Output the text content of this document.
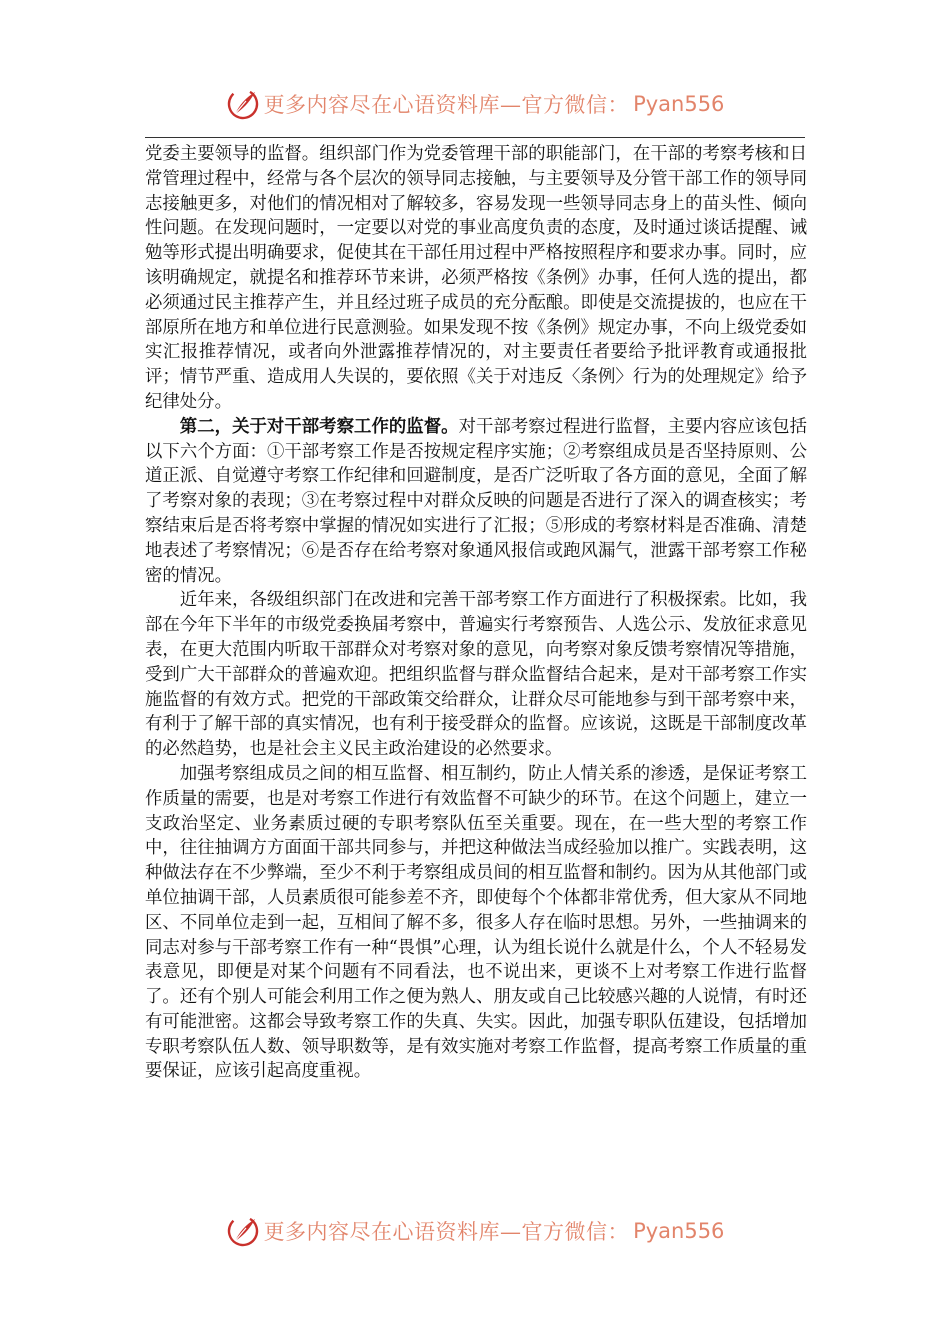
更多内容尽在心语资料库—官方微信： Pyan556

党委主要领导的监督。组织部门作为党委管理干部的职能部门，在干部的考察考核和日常管理过程中，经常与各个层次的领导同志接触，与主要领导及分管干部工作的领导同志接触更多，对他们的情况相对了解较多，容易发现一些领导同志身上的苗头性、倾向性问题。在发现问题时，一定要以对党的事业高度负责的态度，及时通过谈话提醒、诫勉等形式提出明确要求，促使其在干部任用过程中严格按照程序和要求办事。同时，应该明确规定，就提名和推荐环节来讲，必须严格按《条例》办事，任何人选的提出，都必须通过民主推荐产生，并且经过班子成员的充分酝酿。即使是交流提拔的，也应在干部原所在地方和单位进行民意测验。如果发现不按《条例》规定办事，不向上级党委如实汇报推荐情况，或者向外泄露推荐情况的，对主要责任者要给予批评教育或通报批评；情节严重、造成用人失误的，要依照《关于对违反〈条例〉行为的处理规定》给予纪律处分。

第二，关于对干部考察工作的监督。对干部考察过程进行监督，主要内容应该包括以下六个方面：①干部考察工作是否按规定程序实施；②考察组成员是否坚持原则、公道正派、自觉遵守考察工作纪律和回避制度，是否广泛听取了各方面的意见，全面了解了考察对象的表现；③在考察过程中对群众反映的问题是否进行了深入的调查核实；考察结束后是否将考察中掌握的情况如实进行了汇报；⑤形成的考察材料是否准确、清楚地表述了考察情况；⑥是否存在给考察对象通风报信或跑风漏气，泄露干部考察工作秘密的情况。

近年来，各级组织部门在改进和完善干部考察工作方面进行了积极探索。比如，我部在今年下半年的市级党委换届考察中，普遍实行考察预告、人选公示、发放征求意见表，在更大范围内听取干部群众对考察对象的意见，向考察对象反馈考察情况等措施，受到广大干部群众的普遍欢迎。把组织监督与群众监督结合起来，是对干部考察工作实施监督的有效方式。把党的干部政策交给群众，让群众尽可能地参与到干部考察中来，有利于了解干部的真实情况，也有利于接受群众的监督。应该说，这既是干部制度改革的必然趋势，也是社会主义民主政治建设的必然要求。

加强考察组成员之间的相互监督、相互制约，防止人情关系的渗透，是保证考察工作质量的需要，也是对考察工作进行有效监督不可缺少的环节。在这个问题上，建立一支政治坚定、业务素质过硬的专职考察队伍至关重要。现在，在一些大型的考察工作中，往往抽调方方面面干部共同参与，并把这种做法当成经验加以推广。实践表明，这种做法存在不少弊端，至少不利于考察组成员间的相互监督和制约。因为从其他部门或单位抽调干部，人员素质很可能参差不齐，即使每个个体都非常优秀，但大家从不同地区、不同单位走到一起，互相间了解不多，很多人存在临时思想。另外，一些抽调来的同志对参与干部考察工作有一种“畏惧”心理，认为组长说什么就是什么，个人不轻易发表意见，即便是对某个问题有不同看法，也不说出来，更谈不上对考察工作进行监督了。还有个别人可能会利用工作之便为熟人、朋友或自己比较感兴趣的人说情，有时还有可能泄密。这都会导致考察工作的失真、失实。因此，加强专职队伍建设，包括增加专职考察队伍人数、领导职数等，是有效实施对考察工作监督，提高考察工作质量的重要保证，应该引起高度重视。

更多内容尽在心语资料库—官方微信： Pyan556
